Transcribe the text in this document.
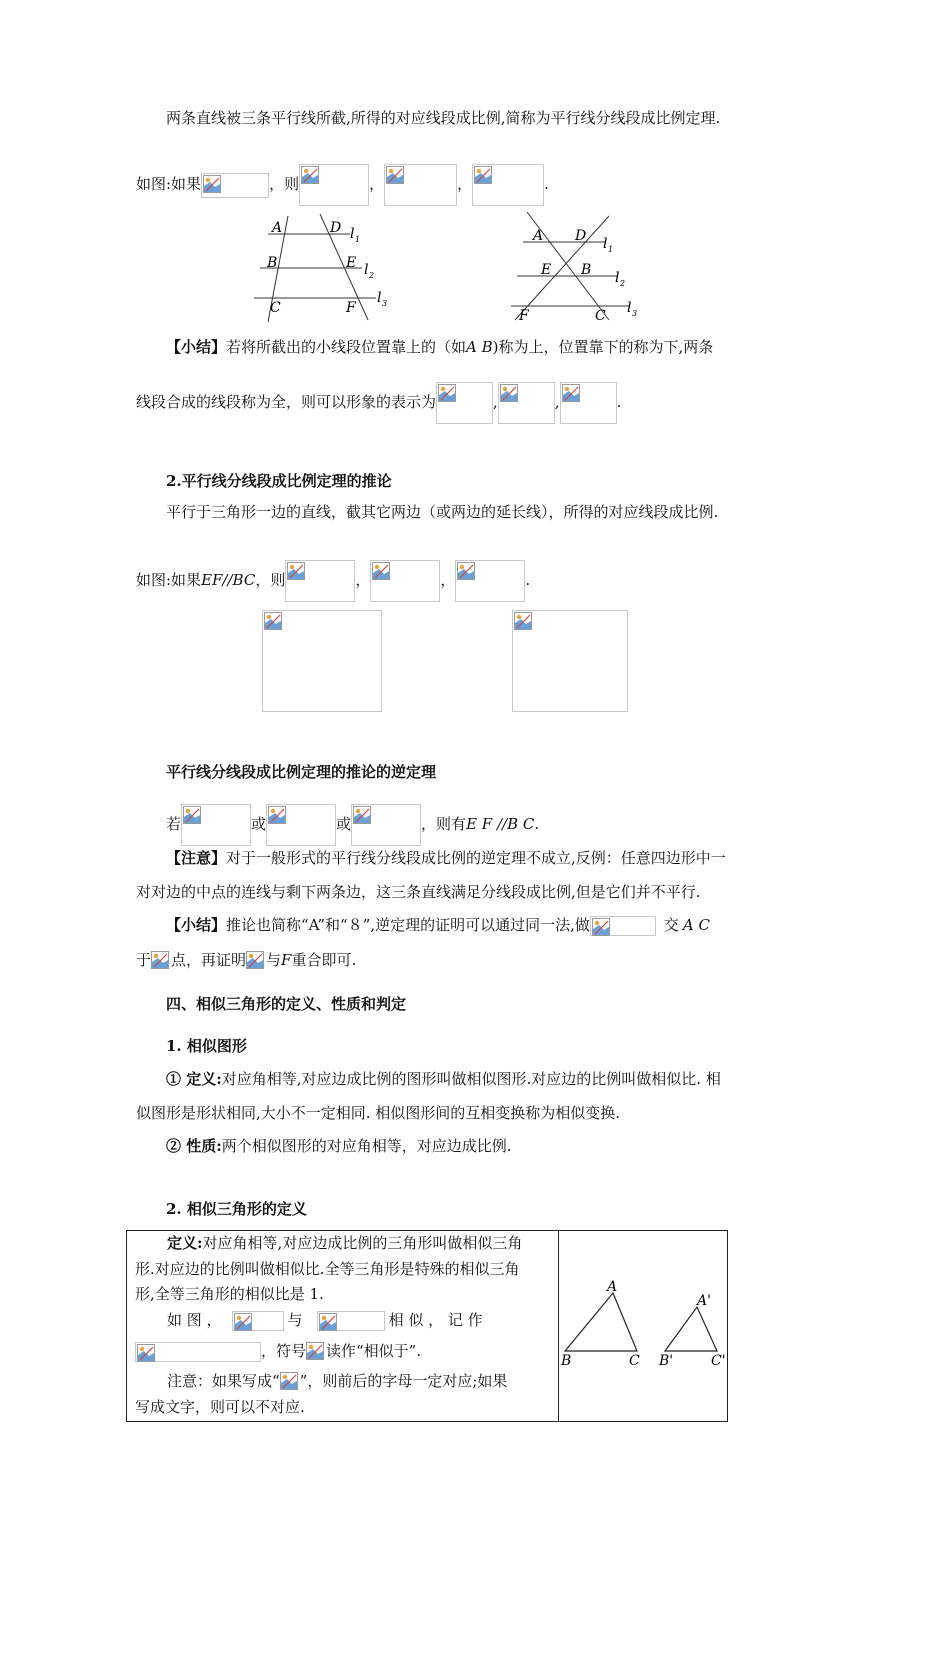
两条直线被三条平行线所截,所得的对应线段成比例,简称为平行线分线段成比例定理.
如图:如果	，则	，	，	.
A	D l 1
B	E l 2
C	F
l 3
A D l 1
E B l 2
F	C l 3
【小结】若将所截出的小线段位置靠上的（如A B)称为上，位置靠下的称为下,两条
线段合成的线段称为全，则可以形象的表示为	,	,	.
2.平行线分线段成比例定理的推论
平行于三角形一边的直线，截其它两边（或两边的延长线），所得的对应线段成比例.
如图:如果EF//BC，则	，	，	.
平行线分线段成比例定理的推论的逆定理
若	或	或	，则有E F ∕∕B C.
【注意】对于一般形式的平行线分线段成比例的逆定理不成立,反例：任意四边形中一
对对边的中点的连线与剩下两条边，这三条直线满足分线段成比例,但是它们并不平行.
【小结】推论也简称“A”和“８”,逆定理的证明可以通过同一法,做	交 A C
于 点，再证明 与F重合即可.
四、相似三角形的定义、性质和判定
1. 相似图形
① 定义:对应角相等,对应边成比例的图形叫做相似图形.对应边的比例叫做相似比. 相
似图形是形状相同,大小不一定相同. 相似图形间的互相变换称为相似变换.
② 性质:两个相似图形的对应角相等，对应边成比例.
2. 相似三角形的定义
定义:对应角相等,对应边成比例的三角形叫做相似三角
形.对应边的比例叫做相似比.全等三角形是特殊的相似三角
形,全等三角形的相似比是 1.
如 图 ，	与	相 似 ， 记 作
，符号 读作“相似于”.
注意：如果写成“ ”，则前后的字母一定对应;如果
写成文字，则可以不对应.
A
B	C
A'
B'	C'
